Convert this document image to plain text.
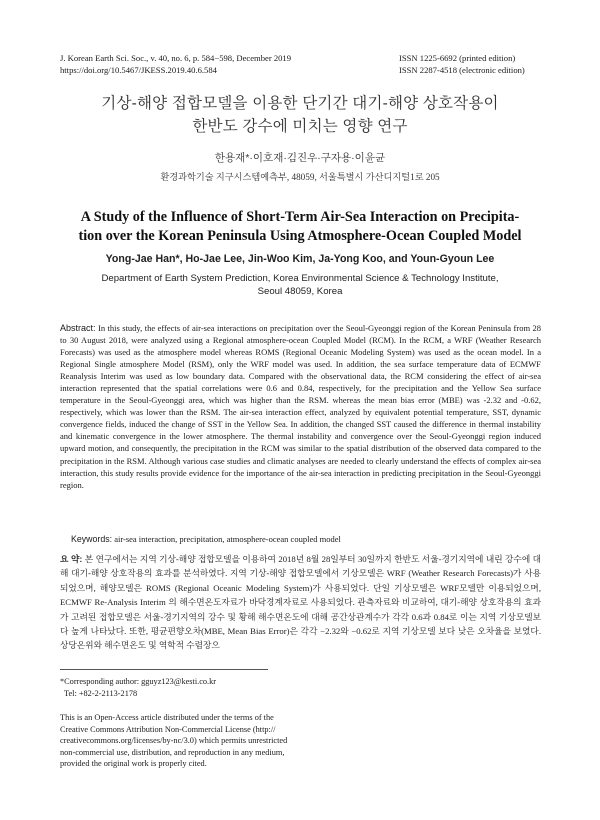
J. Korean Earth Sci. Soc., v. 40, no. 6, p. 584−598, December 2019
https://doi.org/10.5467/JKESS.2019.40.6.584
ISSN 1225-6692 (printed edition)
ISSN 2287-4518 (electronic edition)
기상-해양 접합모델을 이용한 단기간 대기-해양 상호작용이
한반도 강수에 미치는 영향 연구
한용재*·이호재·김진우·구자용·이윤균
환경과학기술 지구시스템예측부, 48059, 서울특별시 가산디지털1로 205
A Study of the Influence of Short-Term Air-Sea Interaction on Precipita-
tion over the Korean Peninsula Using Atmosphere-Ocean Coupled Model
Yong-Jae Han*, Ho-Jae Lee, Jin-Woo Kim, Ja-Yong Koo, and Youn-Gyoun Lee
Department of Earth System Prediction, Korea Environmental Science & Technology Institute,
Seoul 48059, Korea
Abstract: In this study, the effects of air-sea interactions on precipitation over the Seoul-Gyeonggi region of the Korean Peninsula from 28 to 30 August 2018, were analyzed using a Regional atmosphere-ocean Coupled Model (RCM). In the RCM, a WRF (Weather Research Forecasts) was used as the atmosphere model whereas ROMS (Regional Oceanic Modeling System) was used as the ocean model. In a Regional Single atmosphere Model (RSM), only the WRF model was used. In addition, the sea surface temperature data of ECMWF Reanalysis Interim was used as low boundary data. Compared with the observational data, the RCM considering the effect of air-sea interaction represented that the spatial correlations were 0.6 and 0.84, respectively, for the precipitation and the Yellow Sea surface temperature in the Seoul-Gyeonggi area, which was higher than the RSM. whereas the mean bias error (MBE) was -2.32 and -0.62, respectively, which was lower than the RSM. The air-sea interaction effect, analyzed by equivalent potential temperature, SST, dynamic convergence fields, induced the change of SST in the Yellow Sea. In addition, the changed SST caused the difference in thermal instability and kinematic convergence in the lower atmosphere. The thermal instability and convergence over the Seoul-Gyeonggi region induced upward motion, and consequently, the precipitation in the RCM was similar to the spatial distribution of the observed data compared to the precipitation in the RSM. Although various case studies and climatic analyses are needed to clearly understand the effects of complex air-sea interaction, this study results provide evidence for the importance of the air-sea interaction in predicting precipitation in the Seoul-Gyeonggi region.
Keywords: air-sea interaction, precipitation, atmosphere-ocean coupled model
요 약: 본 연구에서는 지역 기상-해양 접합모델을 이용하여 2018년 8월 28일부터 30일까지 한반도 서울-경기지역에 내린 강수에 대해 대기-해양 상호작용의 효과를 분석하였다. 지역 기상-해양 접합모델에서 기상모델은 WRF (Weather Research Forecasts)가 사용되었으며, 해양모델은 ROMS (Regional Oceanic Modeling System)가 사용되었다. 단일 기상모델은 WRF모델만 이용되었으며, ECMWF Re-Analysis Interim 의 해수면온도자료가 바닥경계자료로 사용되었다. 관측자료와 비교하여, 대기-해양 상호작용의 효과가 고려된 접합모델은 서울-경기지역의 강수 및 황해 해수면온도에 대해 공간상관계수가 각각 0.6과 0.84로 이는 지역 기상모델보다 높게 나타났다. 또한, 평균편향오차(MBE, Mean Bias Error)은 각각 −2.32와 −0.62로 지역 기상모델 보다 낮은 오차율을 보였다. 상당온위와 해수면온도 및 역학적 수렴장으
*Corresponding author: gguyz123@kesti.co.kr
Tel: +82-2-2113-2178
This is an Open-Access article distributed under the terms of the
Creative Commons Attribution Non-Commercial License (http://
creativecommons.org/licenses/by-nc/3.0) which permits unrestricted
non-commercial use, distribution, and reproduction in any medium,
provided the original work is properly cited.
